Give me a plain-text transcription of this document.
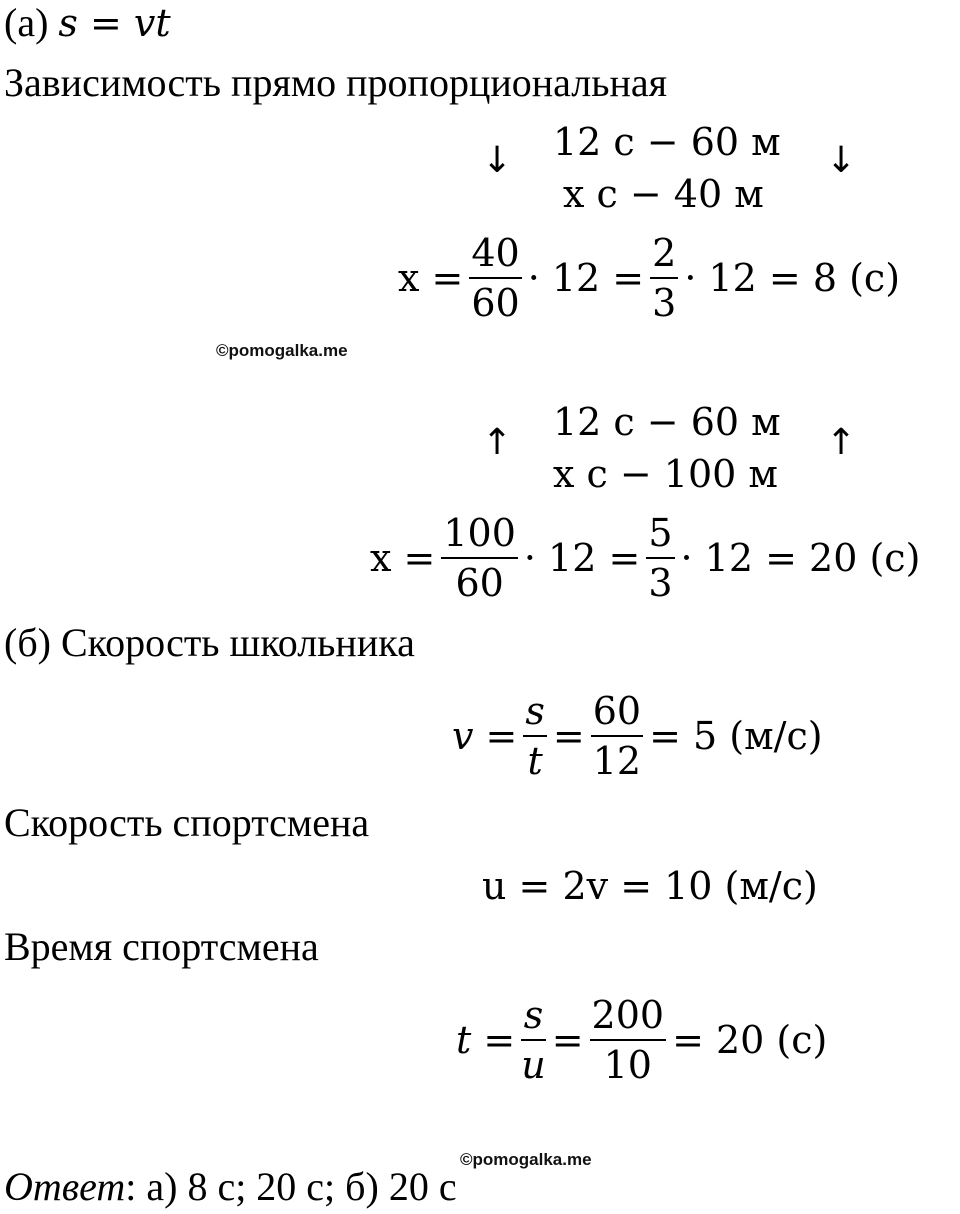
(a) s = vt
Зависимость прямо пропорциональная
↓ 12 с − 60 м
x с − 40 м
↓
$x = \frac{40}{60} \cdot 12 = \frac{2}{3} \cdot 12 = 8$ (с)
©pomogalka.me
↑ 12 с − 60 м
x с − 100 м
↑
$x = \frac{100}{60} \cdot 12 = \frac{5}{3} \cdot 12 = 20$ (с)
(б) Скорость школьника
$v = \frac{s}{t} = \frac{60}{12} = 5$ (м/с)
Скорость спортсмена
u = 2v = 10 (м/с)
Время спортсмена
$t = \frac{s}{u} = \frac{200}{10} = 20$ (с)
©pomogalka.me
Ответ: а) 8 с; 20 с; б) 20 с
